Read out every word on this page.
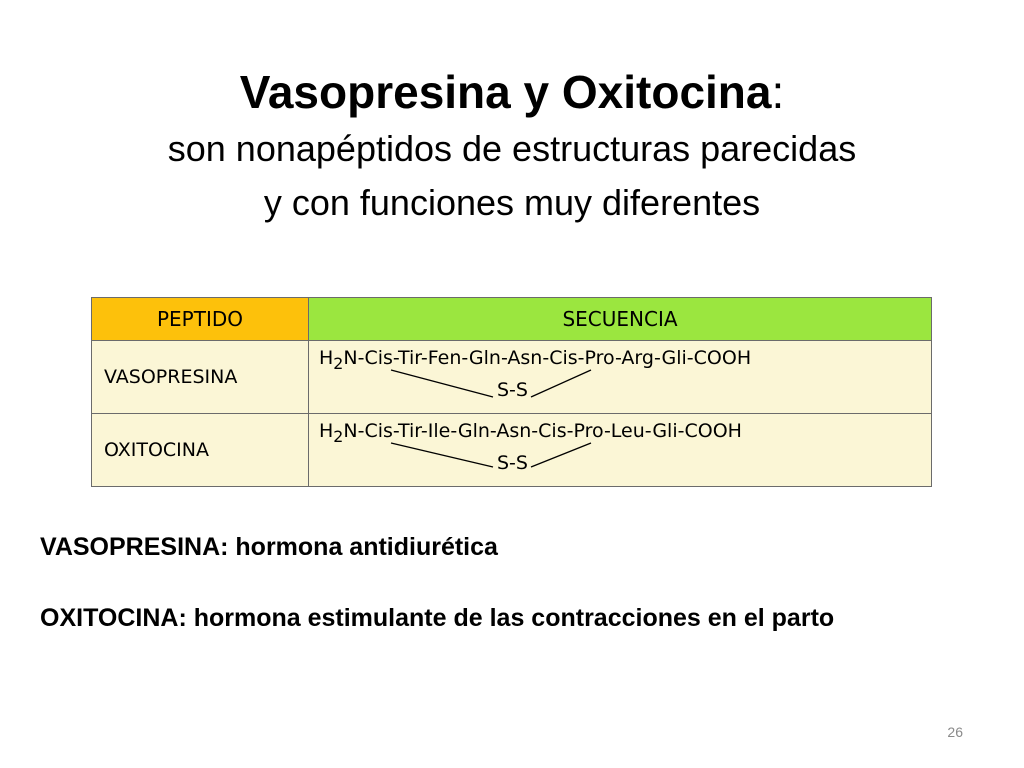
Vasopresina y Oxitocina:
son nonapéptidos de estructuras parecidas
y con funciones muy diferentes
PEPTIDO	SECUENCIA
VASOPRESINA	$H_2N-Cis-Tir-Fen-Gln-Asn-Cis-Pro-Arg-Gli$-COOH
S-S

OXITOCINA	$H_2N-Cis-Tir-Ile-Gln-Asn-Cis-Pro-Leu-Gli$-COOH
S-S
VASOPRESINA: hormona antidiurética
OXITOCINA: hormona estimulante de las contracciones en el parto
26
